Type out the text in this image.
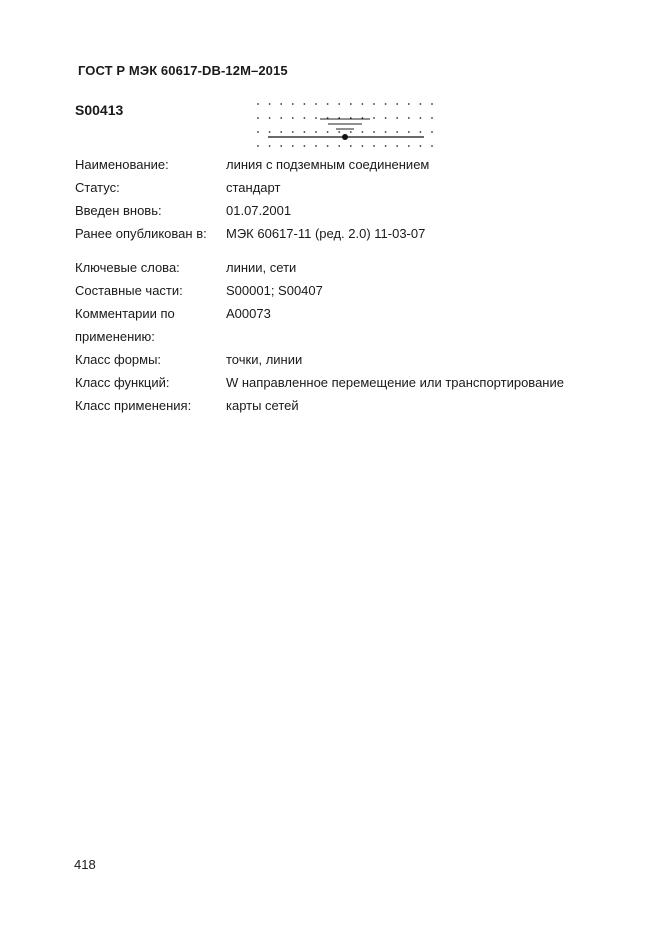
ГОСТ Р МЭК 60617-DB-12M–2015
S00413
Наименование:	линия с подземным соединением
Статус:	стандарт
Введен вновь:	01.07.2001
Ранее опубликован в:	МЭК 60617-11 (ред. 2.0) 11-03-07
Ключевые слова:	линии, сети
Составные части:	S00001; S00407
Комментарии по	A00073
применению:
Класс формы:	точки, линии
Класс функций:	W направленное перемещение или транспортирование
Класс применения:	карты сетей
418
